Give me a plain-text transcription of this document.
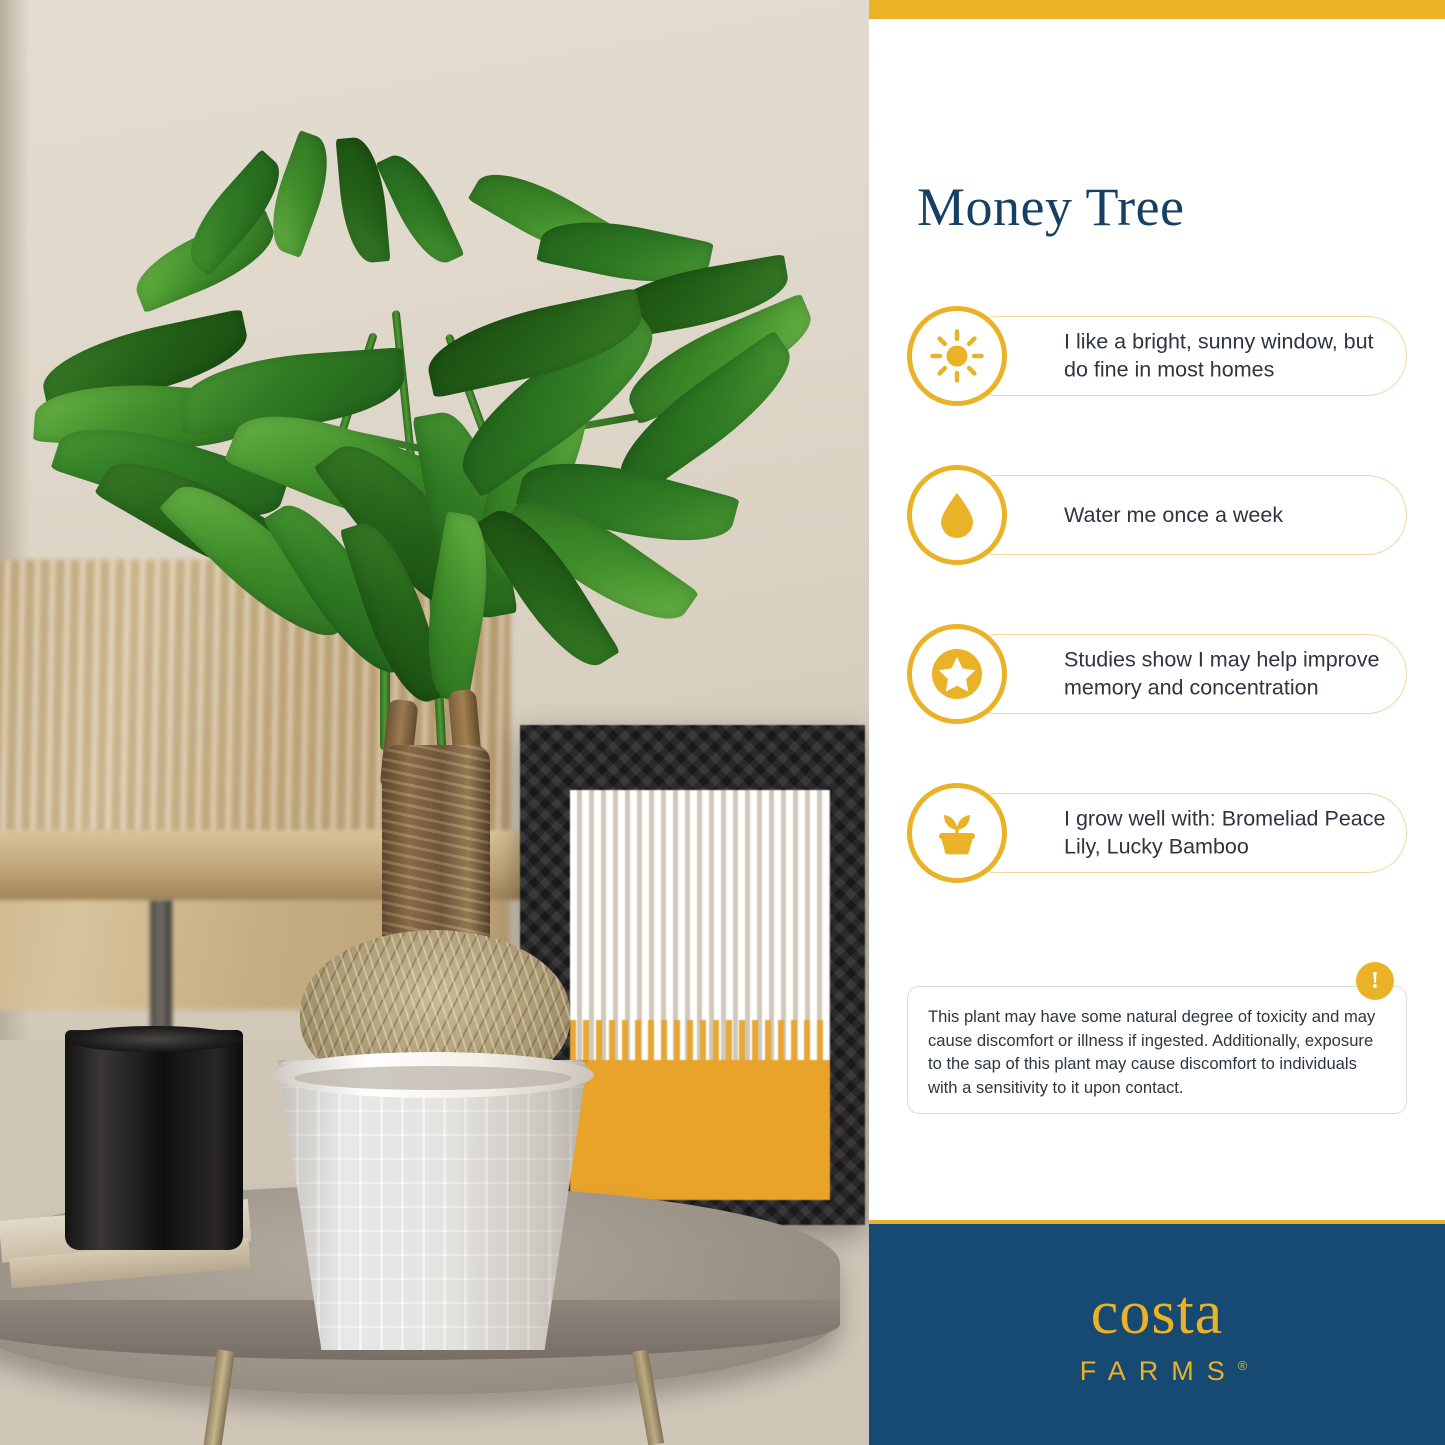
Money Tree
I like a bright, sunny window, but do fine in most homes
Water me once a week
Studies show I may help improve memory and concentration
I grow well with: Bromeliad Peace Lily, Lucky Bamboo
!
This plant may have some natural degree of toxicity and may cause discomfort or illness if ingested. Additionally, exposure to the sap of this plant may cause discomfort to individuals with a sensitivity to it upon contact.
costa
FARMS®
